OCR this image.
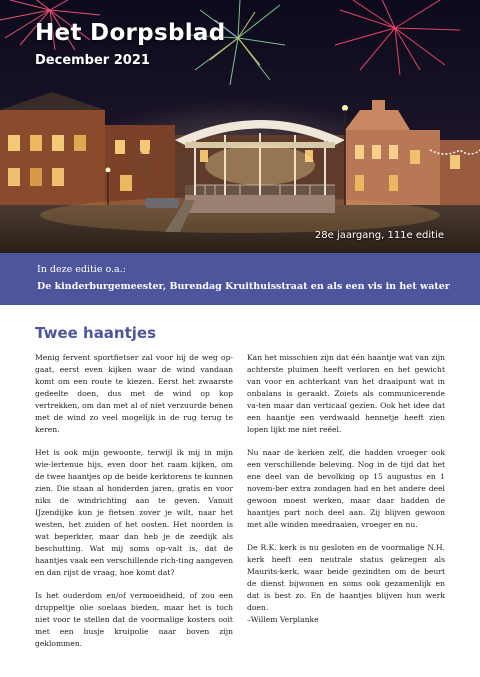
Het Dorpsblad
December 2021
28e jaargang, 111e editie
In deze editie o.a.:
De kinderburgemeester, Burendag Kruithuisstraat en als een vis in het water
Twee haantjes

Menig fervent sportfietser zal voor hij de weg op-gaat, eerst even kijken waar de wind vandaan komt om een route te kiezen. Eerst het zwaarste gedeelte doen, dus met de wind op kop vertrekken, om dan met al of niet verzuurde benen met de wind zo veel mogelijk in de rug terug te keren.

Het is ook mijn gewoonte, terwijl ik mij in mijn wie-lertenue hijs, even door het raam kijken, om de twee haantjes op de beide kerktorens te kunnen zien. Die staan al honderden jaren, gratis en voor niks de windrichting aan te geven. Vanuit IJzendijke kun je fietsen zover je wilt, naar het westen, het zuiden of het oosten. Het noorden is wat beperkter, maar dan heb je de zeedijk als beschutting. Wat mij soms op-valt is, dat de haantjes vaak een verschillende rich-ting aangeven en dan rijst de vraag, hoe komt dat?

Is het ouderdom en/of vermoeidheid, of zou een druppeltje olie soelaas bieden, maar het is toch niet voor te stellen dat de voormalige kosters ooit met een busje kruipolie naar boven zijn geklommen.

Kan het misschien zijn dat één haantje wat van zijn achterste pluimen heeft verloren en het gewicht van voor en achterkant van het draaipunt wat in onbalans is geraakt. Zoiets als communicerende va-ten maar dan verticaal gezien. Ook het idee dat een haantje een verdwaald hennetje heeft zien lopen lijkt me niet reëel.

Nu naar de kerken zelf, die hadden vroeger ook een verschillende beleving. Nog in de tijd dat het ene deel van de bevolking op 15 augustus en 1 novem-ber extra zondagen had en het andere deel gewoon moest werken, maar daar hadden de haantjes part noch deel aan. Zij blijven gewoon met alle winden meedraaien, vroeger en nu.

De R.K. kerk is nu gesloten en de voormalige N.H. kerk heeft een neutrale status gekregen als Maurits-kerk, waar beide gezindten om de beurt de dienst bijwonen en soms ook gezamenlijk en dat is best zo. En de haantjes blijven hun werk doen.

–Willem Verplanke
